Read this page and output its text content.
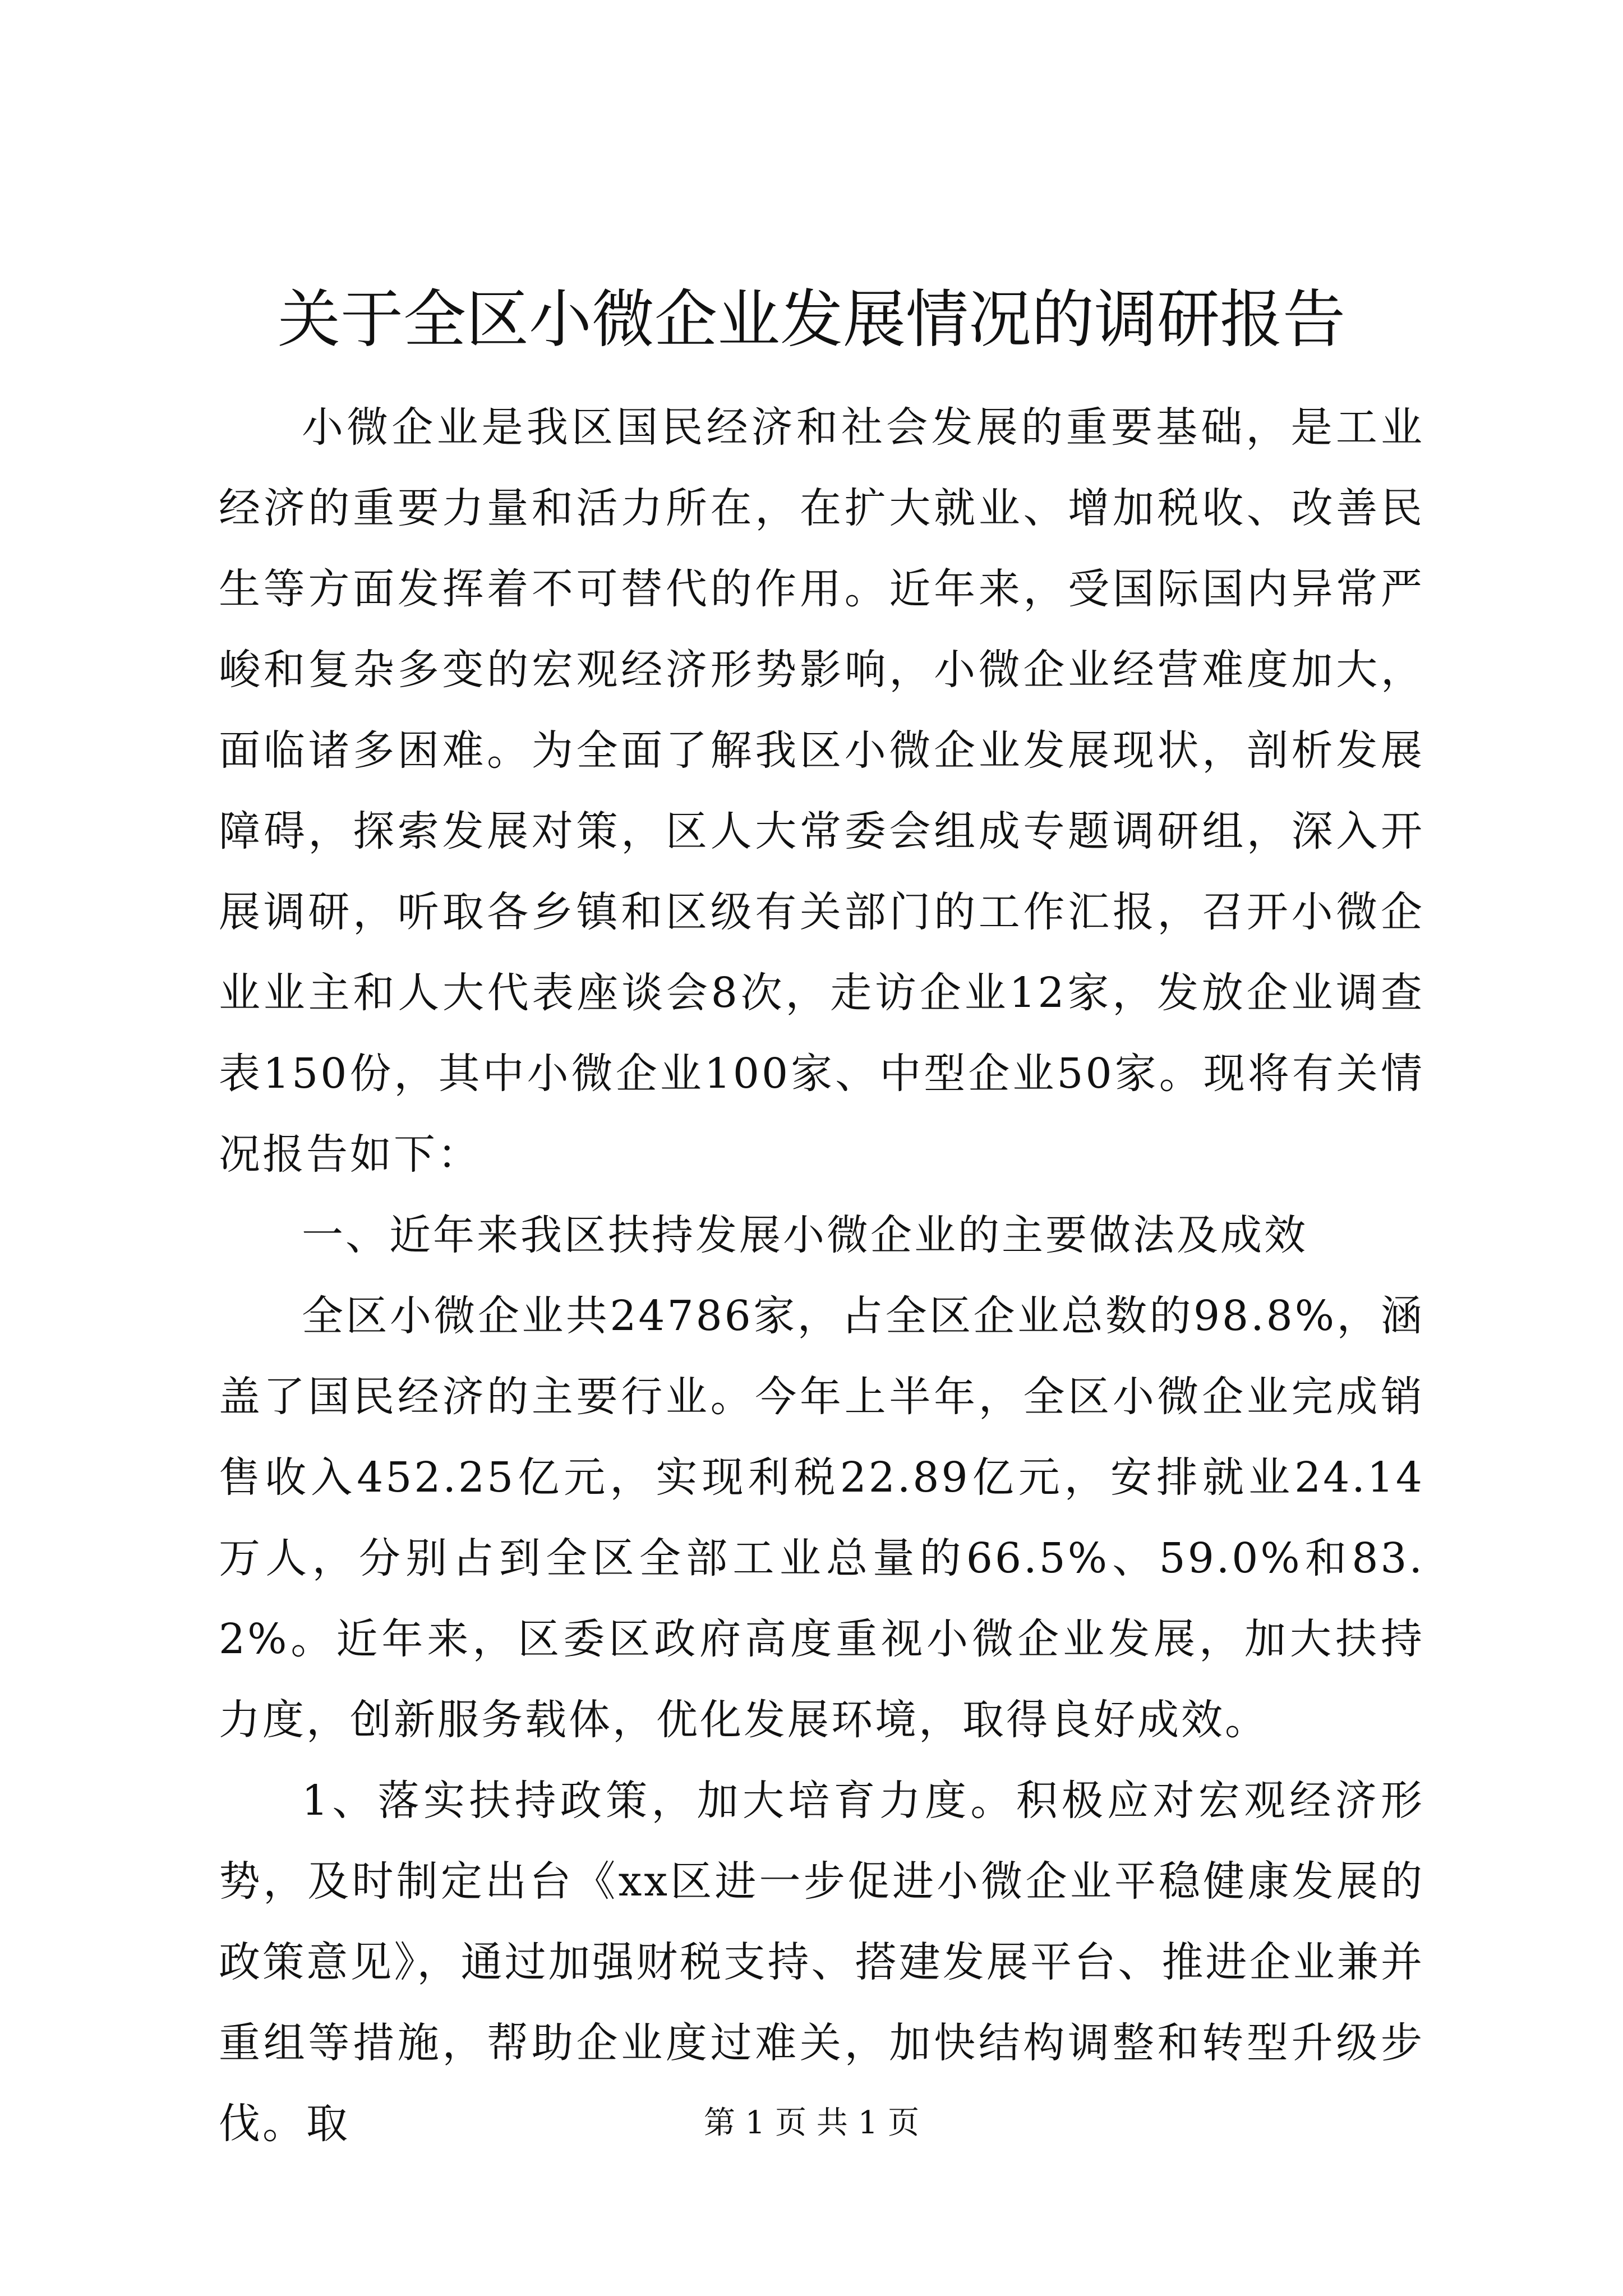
关于全区小微企业发展情况的调研报告

小微企业是我区国民经济和社会发展的重要基础，是工业经济的重要力量和活力所在，在扩大就业、增加税收、改善民生等方面发挥着不可替代的作用。近年来，受国际国内异常严峻和复杂多变的宏观经济形势影响，小微企业经营难度加大，面临诸多困难。为全面了解我区小微企业发展现状，剖析发展障碍，探索发展对策，区人大常委会组成专题调研组，深入开展调研，听取各乡镇和区级有关部门的工作汇报，召开小微企业业主和人大代表座谈会8次，走访企业12家，发放企业调查表150份，其中小微企业100家、中型企业50家。现将有关情况报告如下：

一、近年来我区扶持发展小微企业的主要做法及成效

全区小微企业共24786家，占全区企业总数的98.8%，涵盖了国民经济的主要行业。今年上半年，全区小微企业完成销售收入452.25亿元，实现利税22.89亿元，安排就业24.14万人，分别占到全区全部工业总量的66.5%、59.0%和83.2%。近年来，区委区政府高度重视小微企业发展，加大扶持力度，创新服务载体，优化发展环境，取得良好成效。

1、落实扶持政策，加大培育力度。积极应对宏观经济形势，及时制定出台《xx区进一步促进小微企业平稳健康发展的政策意见》，通过加强财税支持、搭建发展平台、推进企业兼并重组等措施，帮助企业度过难关，加快结构调整和转型升级步伐。取	第 1 页 共 1 页
